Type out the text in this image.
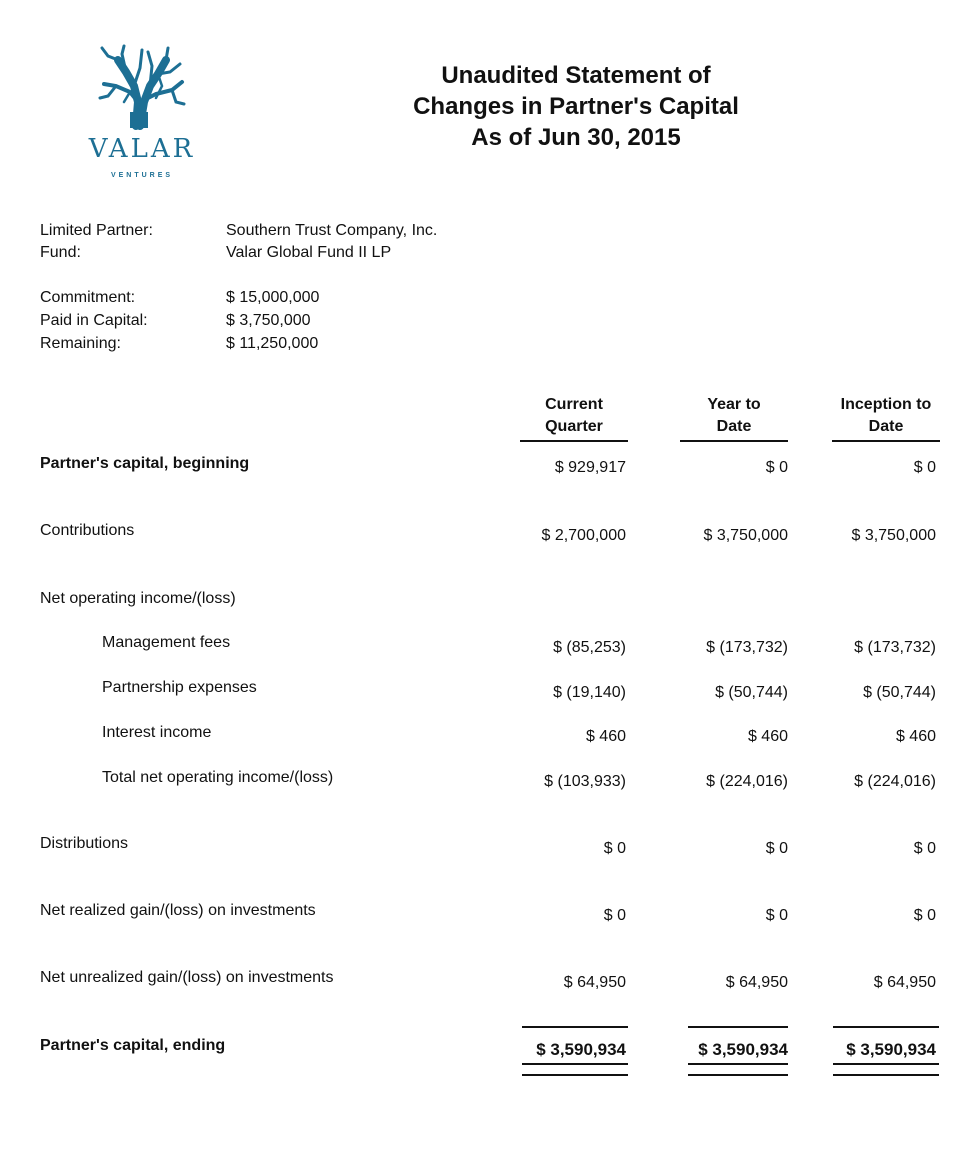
VALAR
VENTURES
Unaudited Statement of
Changes in Partner's Capital
As of Jun 30, 2015
Limited Partner:	Southern Trust Company, Inc.
Fund:	Valar Global Fund II LP
Commitment:	$ 15,000,000
Paid in Capital:	$ 3,750,000
Remaining:	$ 11,250,000
Current
Quarter
Year to
Date
Inception to
Date
Partner's capital, beginning	$ 929,917	$ 0	$ 0
Contributions	$ 2,700,000	$ 3,750,000	$ 3,750,000
Net operating income/(loss)
Management fees	$ (85,253)	$ (173,732)	$ (173,732)
Partnership expenses	$ (19,140)	$ (50,744)	$ (50,744)
Interest income	$ 460	$ 460	$ 460
Total net operating income/(loss)	$ (103,933)	$ (224,016)	$ (224,016)
Distributions	$ 0	$ 0	$ 0
Net realized gain/(loss) on investments	$ 0	$ 0	$ 0
Net unrealized gain/(loss) on investments	$ 64,950	$ 64,950	$ 64,950
Partner's capital, ending	$ 3,590,934	$ 3,590,934	$ 3,590,934
